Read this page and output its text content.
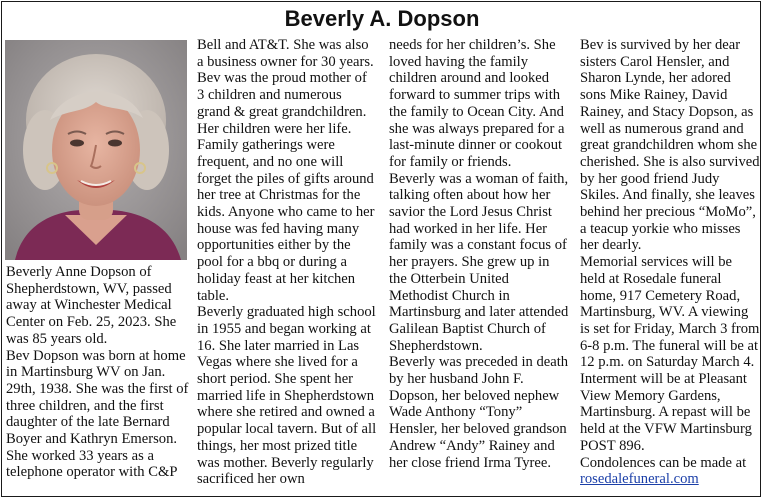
Beverly A. Dopson

Beverly Anne Dopson of Shepherdstown, WV, passed away at Winchester Medical Center on Feb. 25, 2023. She was 85 years old.

Bev Dopson was born at home in Martinsburg WV on Jan. 29th, 1938. She was the first of three children, and the first daughter of the late Bernard Boyer and Kathryn Emerson.

She worked 33 years as a telephone operator with C&P

Bell and AT&T. She was also a business owner for 30 years.

Bev was the proud mother of 3 children and numerous grand & great grandchildren. Her children were her life. Family gatherings were frequent, and no one will forget the piles of gifts around her tree at Christmas for the kids. Anyone who came to her house was fed having many opportunities either by the pool for a bbq or during a holiday feast at her kitchen table.

Beverly graduated high school in 1955 and began working at 16. She later married in Las Vegas where she lived for a short period. She spent her married life in Shepherdstown where she retired and owned a popular local tavern. But of all things, her most prized title was mother. Beverly regularly sacrificed her own

needs for her children’s. She loved having the family children around and looked forward to summer trips with the family to Ocean City. And she was always prepared for a last-minute dinner or cookout for family or friends.

Beverly was a woman of faith, talking often about how her savior the Lord Jesus Christ had worked in her life. Her family was a constant focus of her prayers. She grew up in the Otterbein United Methodist Church in Martinsburg and later attended Galilean Baptist Church of Shepherdstown.

Beverly was preceded in death by her husband John F. Dopson, her beloved nephew Wade Anthony “Tony” Hensler, her beloved grandson Andrew “Andy” Rainey and her close friend Irma Tyree.

Bev is survived by her dear sisters Carol Hensler, and Sharon Lynde, her adored sons Mike Rainey, David Rainey, and Stacy Dopson, as well as numerous grand and great grandchildren whom she cherished. She is also survived by her good friend Judy Skiles. And finally, she leaves behind her precious “MoMo”, a teacup yorkie who misses her dearly.

Memorial services will be held at Rosedale funeral home, 917 Cemetery Road, Martinsburg, WV. A viewing is set for Friday, March 3 from 6-8 p.m. The funeral will be at 12 p.m. on Saturday March 4. Interment will be at Pleasant View Memory Gardens, Martinsburg. A repast will be held at the VFW Martinsburg POST 896.

Condolences can be made at

rosedalefuneral.com
